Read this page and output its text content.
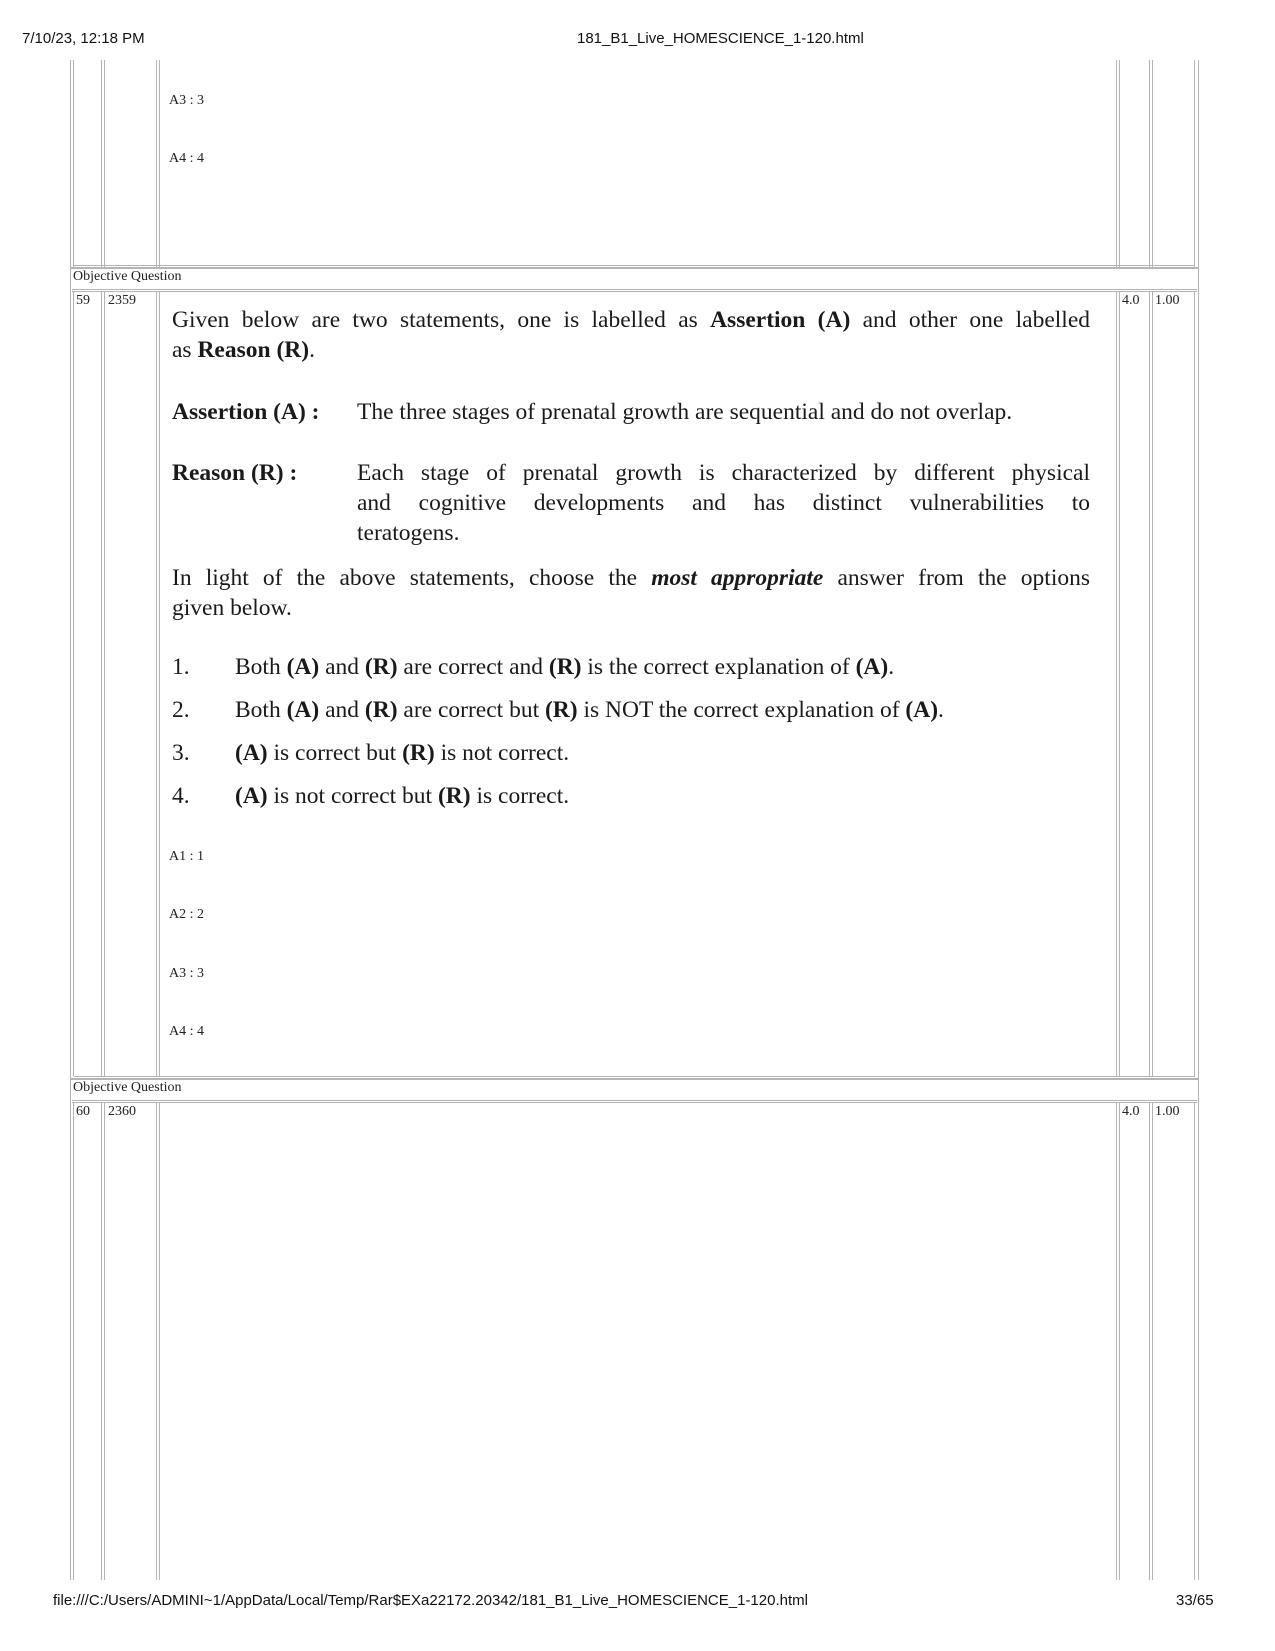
7/10/23, 12:18 PM	181_B1_Live_HOMESCIENCE_1-120.html
file:///C:/Users/ADMINI~1/AppData/Local/Temp/Rar$EXa22172.20342/181_B1_Live_HOMESCIENCE_1-120.html	33/65
A3 : 3
A4 : 4
Objective Question
59 2359	4.0 1.00
Given below are two statements, one is labelled as Assertion (A) and other one labelled
as Reason (R).
Assertion (A) : The three stages of prenatal growth are sequential and do not overlap.
Reason (R) :	Each stage of prenatal growth is characterized by different physical
and cognitive developments and has distinct vulnerabilities to
teratogens.
In light of the above statements, choose the most appropriate answer from the options
given below.
1. Both (A) and (R) are correct and (R) is the correct explanation of (A).
2. Both (A) and (R) are correct but (R) is NOT the correct explanation of (A).
3. (A) is correct but (R) is not correct.
4. (A) is not correct but (R) is correct.
A1 : 1
A2 : 2
A3 : 3
A4 : 4
Objective Question
60 2360	4.0 1.00
